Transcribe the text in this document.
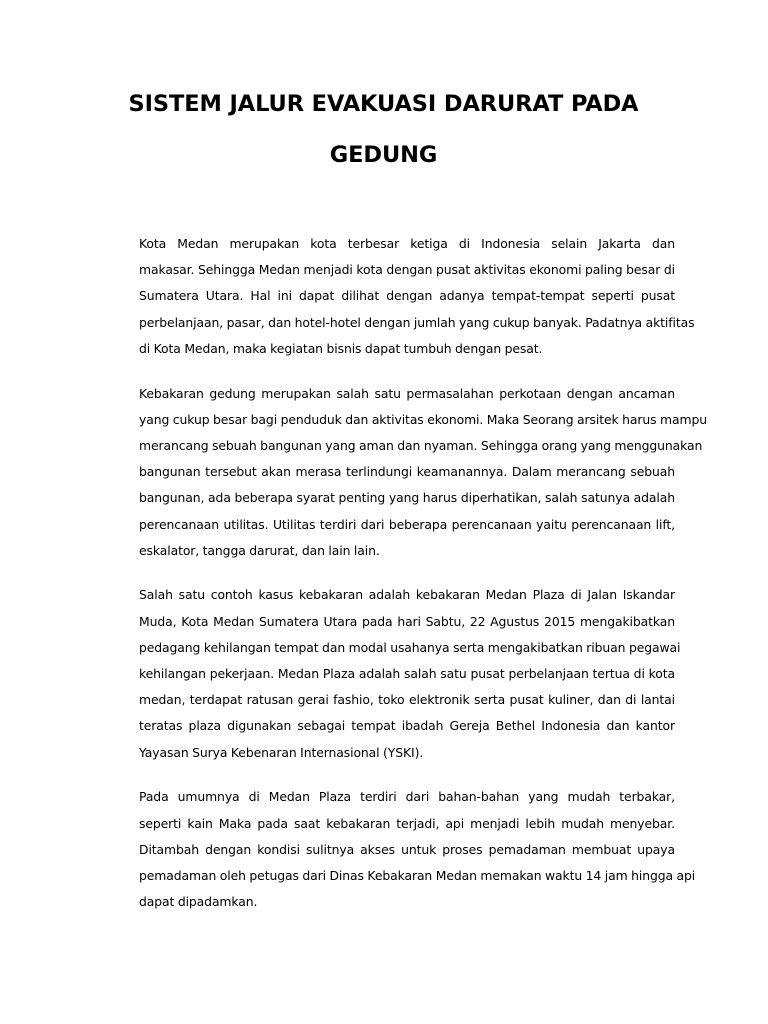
SISTEM JALUR EVAKUASI DARURAT PADA
GEDUNG

Kota Medan merupakan kota terbesar ketiga di Indonesia selain Jakarta dan
makasar. Sehingga Medan menjadi kota dengan pusat aktivitas ekonomi paling besar di
Sumatera Utara. Hal ini dapat dilihat dengan adanya tempat-tempat seperti pusat
perbelanjaan, pasar, dan hotel-hotel dengan jumlah yang cukup banyak. Padatnya aktifitas
di Kota Medan, maka kegiatan bisnis dapat tumbuh dengan pesat.

Kebakaran gedung merupakan salah satu permasalahan perkotaan dengan ancaman
yang cukup besar bagi penduduk dan aktivitas ekonomi. Maka Seorang arsitek harus mampu
merancang sebuah bangunan yang aman dan nyaman. Sehingga orang yang menggunakan
bangunan tersebut akan merasa terlindungi keamanannya. Dalam merancang sebuah
bangunan, ada beberapa syarat penting yang harus diperhatikan, salah satunya adalah
perencanaan utilitas. Utilitas terdiri dari beberapa perencanaan yaitu perencanaan lift,
eskalator, tangga darurat, dan lain lain.

Salah satu contoh kasus kebakaran adalah kebakaran Medan Plaza di Jalan Iskandar
Muda, Kota Medan Sumatera Utara pada hari Sabtu, 22 Agustus 2015 mengakibatkan
pedagang kehilangan tempat dan modal usahanya serta mengakibatkan ribuan pegawai
kehilangan pekerjaan. Medan Plaza adalah salah satu pusat perbelanjaan tertua di kota
medan, terdapat ratusan gerai fashio, toko elektronik serta pusat kuliner, dan di lantai
teratas plaza digunakan sebagai tempat ibadah Gereja Bethel Indonesia dan kantor
Yayasan Surya Kebenaran Internasional (YSKI).

Pada umumnya di Medan Plaza terdiri dari bahan-bahan yang mudah terbakar,
seperti kain Maka pada saat kebakaran terjadi, api menjadi lebih mudah menyebar.
Ditambah dengan kondisi sulitnya akses untuk proses pemadaman membuat upaya
pemadaman oleh petugas dari Dinas Kebakaran Medan memakan waktu 14 jam hingga api
dapat dipadamkan.
